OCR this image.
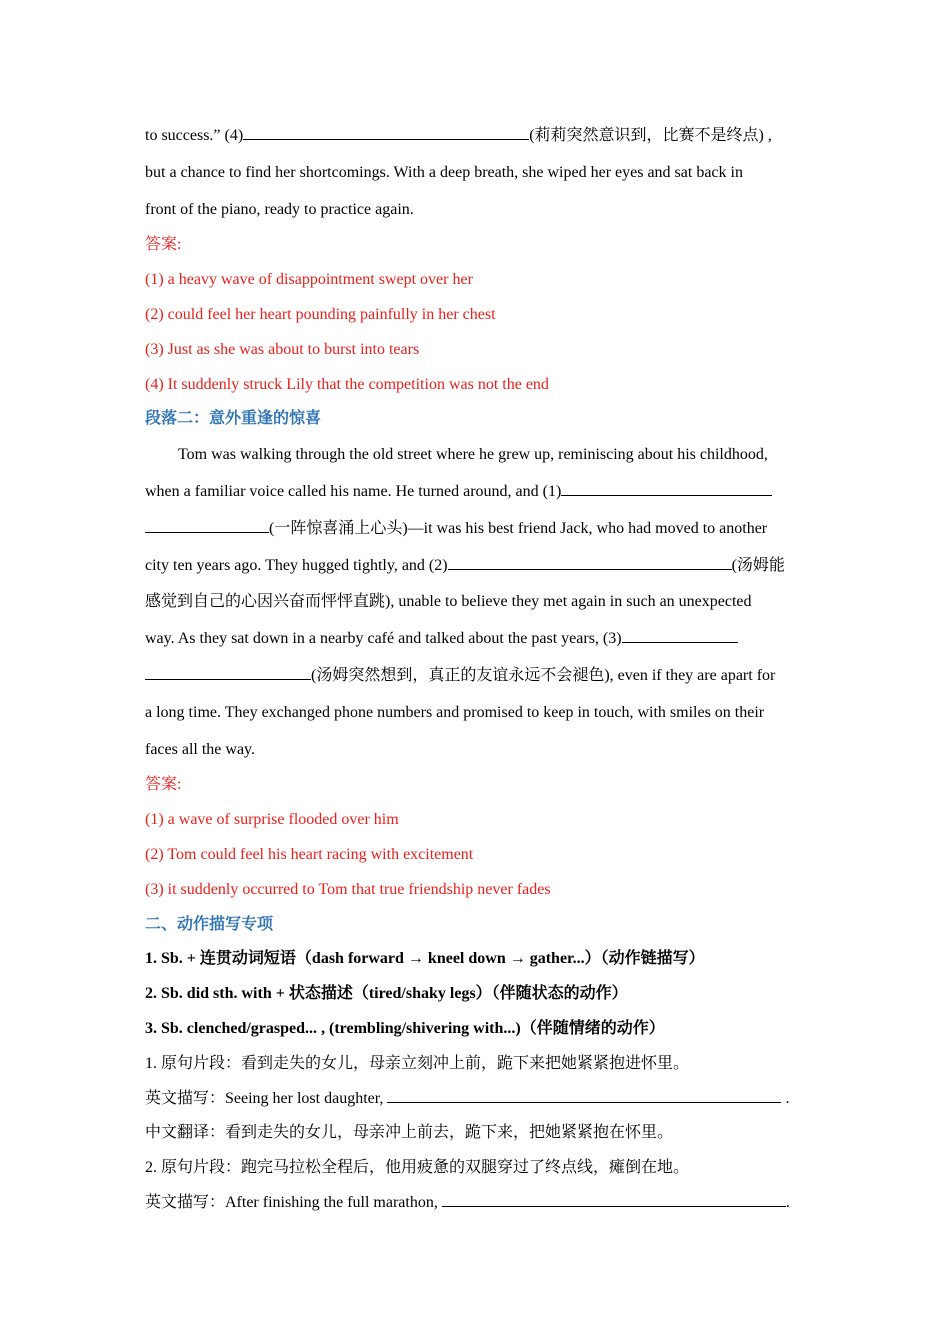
to success.” (4)	(莉莉突然意识到，比赛不是终点) ,
but a chance to find her shortcomings. With a deep breath, she wiped her eyes and sat back in
front of the piano, ready to practice again.
答案:
(1) a heavy wave of disappointment swept over her
(2) could feel her heart pounding painfully in her chest
(3) Just as she was about to burst into tears
(4) It suddenly struck Lily that the competition was not the end
段落二：意外重逢的惊喜
Tom was walking through the old street where he grew up, reminiscing about his childhood,
when a familiar voice called his name. He turned around, and (1)
(一阵惊喜涌上心头)—it was his best friend Jack, who had moved to another
city ten years ago. They hugged tightly, and (2)	(汤姆能
感觉到自己的心因兴奋而怦怦直跳), unable to believe they met again in such an unexpected
way. As they sat down in a nearby café and talked about the past years, (3)
(汤姆突然想到，真正的友谊永远不会褪色), even if they are apart for
a long time. They exchanged phone numbers and promised to keep in touch, with smiles on their
faces all the way.
答案:
(1) a wave of surprise flooded over him
(2) Tom could feel his heart racing with excitement
(3) it suddenly occurred to Tom that true friendship never fades
二、动作描写专项
1. Sb. + 连贯动词短语（dash forward → kneel down → gather...）（动作链描写）
2. Sb. did sth. with + 状态描述（tired/shaky legs）（伴随状态的动作）
3. Sb. clenched/grasped... , (trembling/shivering with...)（伴随情绪的动作）
1. 原句片段：看到走失的女儿，母亲立刻冲上前，跪下来把她紧紧抱进怀里。
英文描写：Seeing her lost daughter,	.
中文翻译：看到走失的女儿，母亲冲上前去，跪下来，把她紧紧抱在怀里。
2. 原句片段：跑完马拉松全程后，他用疲惫的双腿穿过了终点线，瘫倒在地。
英文描写：After finishing the full marathon,	.
